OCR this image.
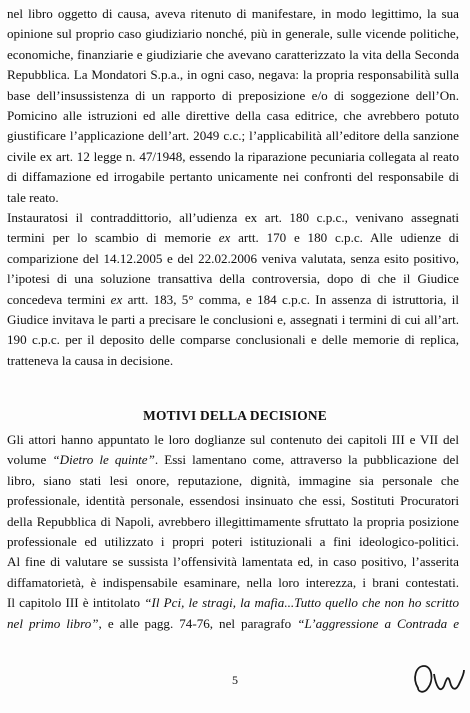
nel libro oggetto di causa, aveva ritenuto di manifestare, in modo legittimo, la sua
opinione sul proprio caso giudiziario nonché, più in generale, sulle vicende politiche,
economiche, finanziarie e giudiziarie che avevano caratterizzato la vita della Seconda
Repubblica. La Mondatori S.p.a., in ogni caso, negava: la propria responsabilità sulla
base dell’insussistenza di un rapporto di preposizione e/o di soggezione dell’On.
Pomicino alle istruzioni ed alle direttive della casa editrice, che avrebbero potuto
giustificare l’applicazione dell’art. 2049 c.c.; l’applicabilità all’editore della sanzione
civile ex art. 12 legge n. 47/1948, essendo la riparazione pecuniaria collegata al reato
di diffamazione ed irrogabile pertanto unicamente nei confronti del responsabile di
tale reato.
Instauratosi il contraddittorio, all’udienza ex art. 180 c.p.c., venivano assegnati
termini per lo scambio di memorie ex artt. 170 e 180 c.p.c. Alle udienze di
comparizione del 14.12.2005 e del 22.02.2006 veniva valutata, senza esito positivo,
l’ipotesi di una soluzione transattiva della controversia, dopo di che il Giudice
concedeva termini ex artt. 183, 5° comma, e 184 c.p.c. In assenza di istruttoria, il
Giudice invitava le parti a precisare le conclusioni e, assegnati i termini di cui all’art.
190 c.p.c. per il deposito delle comparse conclusionali e delle memorie di replica,
tratteneva la causa in decisione.
MOTIVI DELLA DECISIONE
Gli attori hanno appuntato le loro doglianze sul contenuto dei capitoli III e VII del
volume “Dietro le quinte”. Essi lamentano come, attraverso la pubblicazione del
libro, siano stati lesi onore, reputazione, dignità, immagine sia personale che
professionale, identità personale, essendosi insinuato che essi, Sostituti Procuratori
della Repubblica di Napoli, avrebbero illegittimamente sfruttato la propria posizione
professionale ed utilizzato i propri poteri istituzionali a fini ideologico-politici.
Al fine di valutare se sussista l’offensività lamentata ed, in caso positivo, l’asserita
diffamatorietà, è indispensabile esaminare, nella loro interezza, i brani contestati.
Il capitolo III è intitolato “Il Pci, le stragi, la mafia...Tutto quello che non ho scritto
nel primo libro”, e alle pagg. 74-76, nel paragrafo “L’aggressione a Contrada e
5
